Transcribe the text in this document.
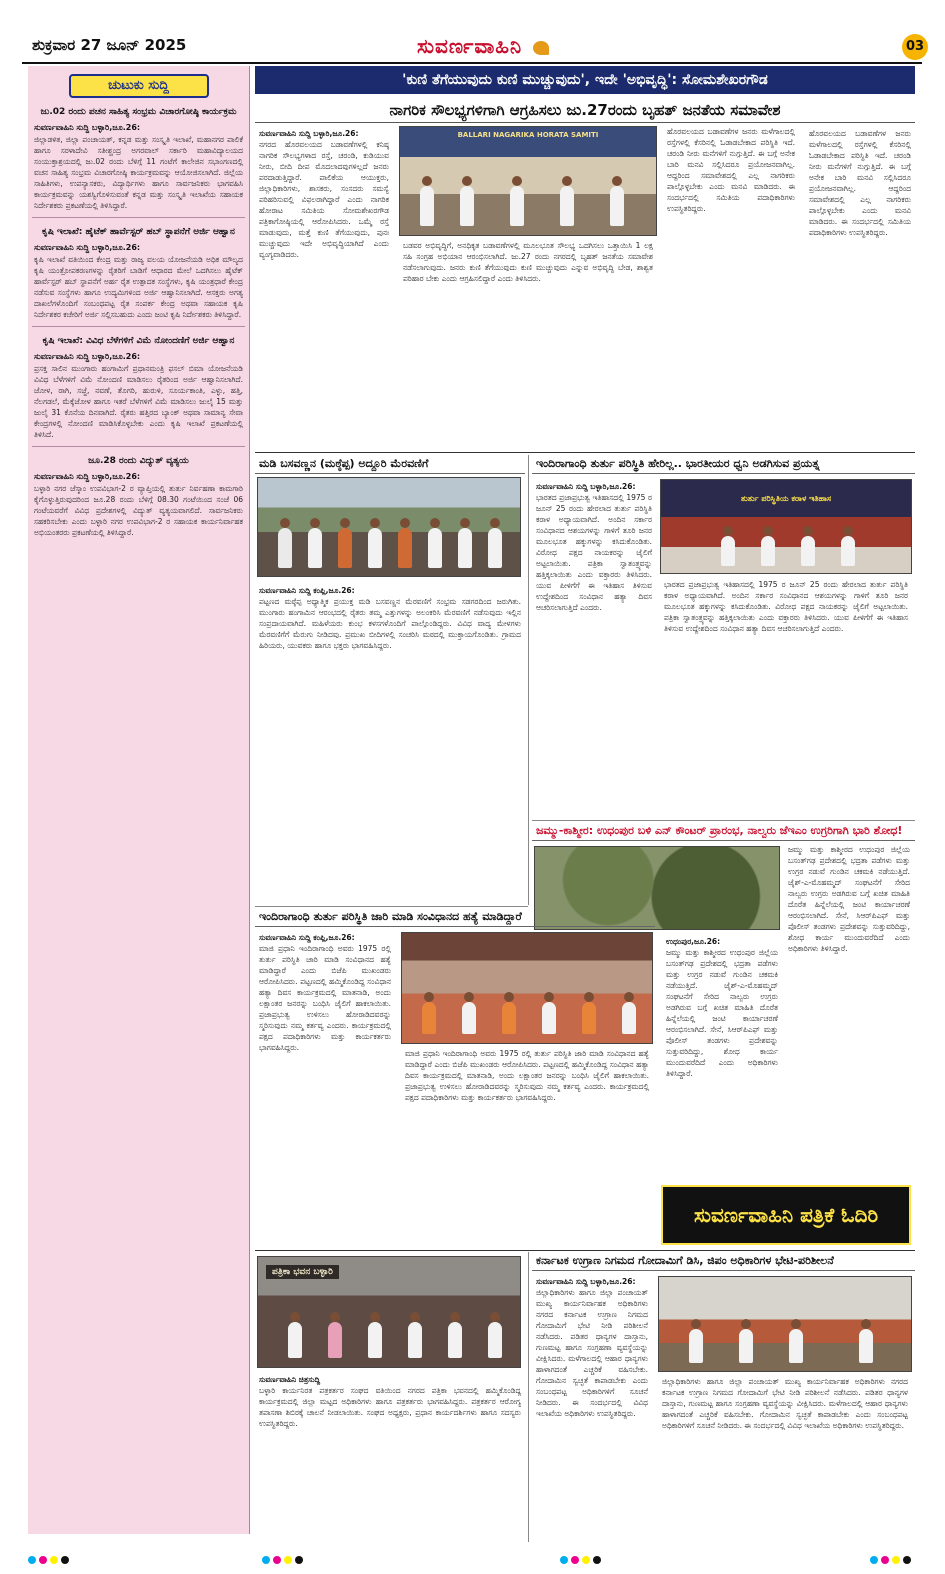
ಶುಕ್ರವಾರ 27 ಜೂನ್ 2025	ಸುವರ್ಣವಾಹಿನಿ	03
ಚುಟುಕು ಸುದ್ದಿ
ಜು.02 ರಂದು ಪಚನ ಸಾಹಿತ್ಯ ಸಂಭ್ರಮ ವಿಚಾರಗೋಷ್ಠಿ ಕಾರ್ಯಕ್ರಮ
ಸುವರ್ಣವಾಹಿನಿ ಸುದ್ದಿ ಬಳ್ಳಾರಿ,ಜೂ.26:
ಜಿಲ್ಲಾಡಳಿತ, ಜಿಲ್ಲಾ ಪಂಚಾಯತ್, ಕನ್ನಡ ಮತ್ತು ಸಂಸ್ಕೃತಿ ಇಲಾಖೆ, ಮಹಾನಗರ ಪಾಲಿಕೆ ಹಾಗೂ ಸರಳಾದೇವಿ ಸತೀಶ್ಚಂದ್ರ ಅಗರವಾಲ್ ಸರ್ಕಾರಿ ಮಹಾವಿದ್ಯಾಲಯದ ಸಂಯುಕ್ತಾಶ್ರಯದಲ್ಲಿ ಜು.02 ರಂದು ಬೆಳಿಗ್ಗೆ 11 ಗಂಟೆಗೆ ಕಾಲೇಜಿನ ಸಭಾಂಗಣದಲ್ಲಿ ವಚನ ಸಾಹಿತ್ಯ ಸಂಭ್ರಮ ವಿಚಾರಗೋಷ್ಠಿ ಕಾರ್ಯಕ್ರಮವನ್ನು ಆಯೋಜಿಸಲಾಗಿದೆ. ಜಿಲ್ಲೆಯ ಸಾಹಿತಿಗಳು, ಉಪನ್ಯಾಸಕರು, ವಿದ್ಯಾರ್ಥಿಗಳು ಹಾಗೂ ಸಾರ್ವಜನಿಕರು ಭಾಗವಹಿಸಿ ಕಾರ್ಯಕ್ರಮವನ್ನು ಯಶಸ್ವಿಗೊಳಿಸುವಂತೆ ಕನ್ನಡ ಮತ್ತು ಸಂಸ್ಕೃತಿ ಇಲಾಖೆಯ ಸಹಾಯಕ ನಿರ್ದೇಶಕರು ಪ್ರಕಟಣೆಯಲ್ಲಿ ತಿಳಿಸಿದ್ದಾರೆ.
ಕೃಷಿ ಇಲಾಖೆ: ಹೈಟೆಕ್ ಹಾರ್ವೆಸ್ಟರ್ ಹಬ್ ಸ್ಥಾಪನೆಗೆ ಅರ್ಜಿ ಆಹ್ವಾನ
ಸುವರ್ಣವಾಹಿನಿ ಸುದ್ದಿ ಬಳ್ಳಾರಿ,ಜೂ.26:
ಕೃಷಿ ಇಲಾಖೆ ವತಿಯಿಂದ ಕೇಂದ್ರ ಮತ್ತು ರಾಜ್ಯ ವಲಯ ಯೋಜನೆಯಡಿ ಅಧಿಕ ಮೌಲ್ಯದ ಕೃಷಿ ಯಂತ್ರೋಪಕರಣಗಳನ್ನು ರೈತರಿಗೆ ಬಾಡಿಗೆ ಆಧಾರದ ಮೇಲೆ ಒದಗಿಸಲು ಹೈಟೆಕ್ ಹಾರ್ವೆಸ್ಟರ್ ಹಬ್ ಸ್ಥಾಪನೆಗೆ ಅರ್ಹ ರೈತ ಉತ್ಪಾದಕ ಸಂಸ್ಥೆಗಳು, ಕೃಷಿ ಯಂತ್ರಧಾರೆ ಕೇಂದ್ರ ನಡೆಸುವ ಸಂಸ್ಥೆಗಳು ಹಾಗೂ ಉದ್ಯಮಿಗಳಿಂದ ಅರ್ಜಿ ಆಹ್ವಾನಿಸಲಾಗಿದೆ. ಆಸಕ್ತರು ಅಗತ್ಯ ದಾಖಲೆಗಳೊಂದಿಗೆ ಸಂಬಂಧಪಟ್ಟ ರೈತ ಸಂಪರ್ಕ ಕೇಂದ್ರ ಅಥವಾ ಸಹಾಯಕ ಕೃಷಿ ನಿರ್ದೇಶಕರ ಕಚೇರಿಗೆ ಅರ್ಜಿ ಸಲ್ಲಿಸಬಹುದು ಎಂದು ಜಂಟಿ ಕೃಷಿ ನಿರ್ದೇಶಕರು ತಿಳಿಸಿದ್ದಾರೆ.
ಕೃಷಿ ಇಲಾಖೆ: ವಿವಿಧ ಬೆಳೆಗಳಿಗೆ ವಿಮೆ ನೋಂದಣಿಗೆ ಅರ್ಜಿ ಆಹ್ವಾನ
ಸುವರ್ಣವಾಹಿನಿ ಸುದ್ದಿ ಬಳ್ಳಾರಿ,ಜೂ.26:
ಪ್ರಸಕ್ತ ಸಾಲಿನ ಮುಂಗಾರು ಹಂಗಾಮಿಗೆ ಪ್ರಧಾನಮಂತ್ರಿ ಫಸಲ್ ಬಿಮಾ ಯೋಜನೆಯಡಿ ವಿವಿಧ ಬೆಳೆಗಳಿಗೆ ವಿಮೆ ನೋಂದಣಿ ಮಾಡಿಸಲು ರೈತರಿಂದ ಅರ್ಜಿ ಆಹ್ವಾನಿಸಲಾಗಿದೆ. ಜೋಳ, ರಾಗಿ, ಸಜ್ಜೆ, ನವಣೆ, ತೊಗರಿ, ಹುರುಳಿ, ಸೂರ್ಯಕಾಂತಿ, ಎಳ್ಳು, ಹತ್ತಿ, ನೆಲಗಡಲೆ, ಮೆಕ್ಕೆಜೋಳ ಹಾಗೂ ಇತರೆ ಬೆಳೆಗಳಿಗೆ ವಿಮೆ ಮಾಡಿಸಲು ಜುಲೈ 15 ಮತ್ತು ಜುಲೈ 31 ಕೊನೆಯ ದಿನವಾಗಿದೆ. ರೈತರು ಹತ್ತಿರದ ಬ್ಯಾಂಕ್ ಅಥವಾ ಸಾಮಾನ್ಯ ಸೇವಾ ಕೇಂದ್ರಗಳಲ್ಲಿ ನೋಂದಣಿ ಮಾಡಿಸಿಕೊಳ್ಳಬೇಕು ಎಂದು ಕೃಷಿ ಇಲಾಖೆ ಪ್ರಕಟಣೆಯಲ್ಲಿ ತಿಳಿಸಿದೆ.
ಜೂ.28 ರಂದು ವಿದ್ಯುತ್ ವ್ಯತ್ಯಯ
ಸುವರ್ಣವಾಹಿನಿ ಸುದ್ದಿ ಬಳ್ಳಾರಿ,ಜೂ.26:
ಬಳ್ಳಾರಿ ನಗರ ಜೆಸ್ಕಾಂ ಉಪವಿಭಾಗ-2 ರ ವ್ಯಾಪ್ತಿಯಲ್ಲಿ ತುರ್ತು ನಿರ್ವಹಣಾ ಕಾಮಗಾರಿ ಕೈಗೊಳ್ಳುತ್ತಿರುವುದರಿಂದ ಜೂ.28 ರಂದು ಬೆಳಿಗ್ಗೆ 08.30 ಗಂಟೆಯಿಂದ ಸಂಜೆ 06 ಗಂಟೆಯವರೆಗೆ ವಿವಿಧ ಪ್ರದೇಶಗಳಲ್ಲಿ ವಿದ್ಯುತ್ ವ್ಯತ್ಯಯವಾಗಲಿದೆ. ಸಾರ್ವಜನಿಕರು ಸಹಕರಿಸಬೇಕು ಎಂದು ಬಳ್ಳಾರಿ ನಗರ ಉಪವಿಭಾಗ-2 ರ ಸಹಾಯಕ ಕಾರ್ಯನಿರ್ವಾಹಕ ಅಭಿಯಂತರರು ಪ್ರಕಟಣೆಯಲ್ಲಿ ತಿಳಿಸಿದ್ದಾರೆ.
'ಕುಣಿ ತೆಗೆಯುವುದು ಕುಣಿ ಮುಚ್ಚುವುದು', ಇದೇ 'ಅಭಿವೃದ್ಧಿ': ಸೋಮಶೇಖರಗೌಡ
ನಾಗರಿಕ ಸೌಲಭ್ಯಗಳಿಗಾಗಿ ಆಗ್ರಹಿಸಲು ಜು.27ರಂದು ಬೃಹತ್ ಜನತೆಯ ಸಮಾವೇಶ
ಸುವರ್ಣವಾಹಿನಿ ಸುದ್ದಿ ಬಳ್ಳಾರಿ,ಜೂ.26:
ನಗರದ ಹೊರವಲಯದ ಬಡಾವಣೆಗಳಲ್ಲಿ ಕನಿಷ್ಠ ನಾಗರಿಕ ಸೌಲಭ್ಯಗಳಾದ ರಸ್ತೆ, ಚರಂಡಿ, ಕುಡಿಯುವ ನೀರು, ಬೀದಿ ದೀಪ ಮೊದಲಾದವುಗಳಿಲ್ಲದೆ ಜನರು ಪರದಾಡುತ್ತಿದ್ದಾರೆ. ಪಾಲಿಕೆಯ ಆಯುಕ್ತರು, ಜಿಲ್ಲಾಧಿಕಾರಿಗಳು, ಶಾಸಕರು, ಸಂಸದರು ಸಮಸ್ಯೆ ಪರಿಹರಿಸುವಲ್ಲಿ ವಿಫಲರಾಗಿದ್ದಾರೆ ಎಂದು ನಾಗರಿಕ ಹೋರಾಟ ಸಮಿತಿಯ ಸೋಮಶೇಖರಗೌಡ ಪತ್ರಿಕಾಗೋಷ್ಠಿಯಲ್ಲಿ ಆರೋಪಿಸಿದರು. ಒಮ್ಮೆ ರಸ್ತೆ ಮಾಡುವುದು, ಮತ್ತೆ ಕುಣಿ ತೆಗೆಯುವುದು, ಪುನಃ ಮುಚ್ಚುವುದು ಇದೇ ಅಭಿವೃದ್ಧಿಯಾಗಿದೆ ಎಂದು ವ್ಯಂಗ್ಯವಾಡಿದರು.
BALLARI NAGARIKA HORATA SAMITI
ಬಡವರ ಅಭಿವೃದ್ಧಿಗೆ, ಅನಧಿಕೃತ ಬಡಾವಣೆಗಳಲ್ಲಿ ಮೂಲಭೂತ ಸೌಲಭ್ಯ ಒದಗಿಸಲು ಒತ್ತಾಯಿಸಿ 1 ಲಕ್ಷ ಸಹಿ ಸಂಗ್ರಹ ಅಭಿಯಾನ ಆರಂಭಿಸಲಾಗಿದೆ. ಜು.27 ರಂದು ನಗರದಲ್ಲಿ ಬೃಹತ್ ಜನತೆಯ ಸಮಾವೇಶ ನಡೆಸಲಾಗುವುದು. ಜನರು ಕುಣಿ ತೆಗೆಯುವುದು ಕುಣಿ ಮುಚ್ಚುವುದು ಎನ್ನುವ ಅಭಿವೃದ್ಧಿ ಬೇಡ, ಶಾಶ್ವತ ಪರಿಹಾರ ಬೇಕು ಎಂದು ಆಗ್ರಹಿಸಲಿದ್ದಾರೆ ಎಂದು ತಿಳಿಸಿದರು.
ಹೊರವಲಯದ ಬಡಾವಣೆಗಳ ಜನರು ಮಳೆಗಾಲದಲ್ಲಿ ರಸ್ತೆಗಳಲ್ಲಿ ಕೆಸರಿನಲ್ಲಿ ಓಡಾಡಬೇಕಾದ ಪರಿಸ್ಥಿತಿ ಇದೆ. ಚರಂಡಿ ನೀರು ಮನೆಗಳಿಗೆ ನುಗ್ಗುತ್ತಿದೆ. ಈ ಬಗ್ಗೆ ಅನೇಕ ಬಾರಿ ಮನವಿ ಸಲ್ಲಿಸಿದರೂ ಪ್ರಯೋಜನವಾಗಿಲ್ಲ. ಆದ್ದರಿಂದ ಸಮಾವೇಶದಲ್ಲಿ ಎಲ್ಲ ನಾಗರಿಕರು ಪಾಲ್ಗೊಳ್ಳಬೇಕು ಎಂದು ಮನವಿ ಮಾಡಿದರು. ಈ ಸಂದರ್ಭದಲ್ಲಿ ಸಮಿತಿಯ ಪದಾಧಿಕಾರಿಗಳು ಉಪಸ್ಥಿತರಿದ್ದರು.
ಹೊರವಲಯದ ಬಡಾವಣೆಗಳ ಜನರು ಮಳೆಗಾಲದಲ್ಲಿ ರಸ್ತೆಗಳಲ್ಲಿ ಕೆಸರಿನಲ್ಲಿ ಓಡಾಡಬೇಕಾದ ಪರಿಸ್ಥಿತಿ ಇದೆ. ಚರಂಡಿ ನೀರು ಮನೆಗಳಿಗೆ ನುಗ್ಗುತ್ತಿದೆ. ಈ ಬಗ್ಗೆ ಅನೇಕ ಬಾರಿ ಮನವಿ ಸಲ್ಲಿಸಿದರೂ ಪ್ರಯೋಜನವಾಗಿಲ್ಲ. ಆದ್ದರಿಂದ ಸಮಾವೇಶದಲ್ಲಿ ಎಲ್ಲ ನಾಗರಿಕರು ಪಾಲ್ಗೊಳ್ಳಬೇಕು ಎಂದು ಮನವಿ ಮಾಡಿದರು. ಈ ಸಂದರ್ಭದಲ್ಲಿ ಸಮಿತಿಯ ಪದಾಧಿಕಾರಿಗಳು ಉಪಸ್ಥಿತರಿದ್ದರು.
ಮಡಿ ಬಸವಣ್ಣನ (ಮಠ್ಠೆಪ್ಪ) ಅದ್ದೂರಿ ಮೆರವಣಿಗೆ
ಸುವರ್ಣವಾಹಿನಿ ಸುದ್ದಿ ಕಂಪ್ಲಿ,ಜೂ.26:
ಪಟ್ಟಣದ ಮಠ್ಠೆಪ್ಪ ಅಧ್ಯಾತ್ಮಿಕ ಪ್ರಯುಕ್ತ ಮಡಿ ಬಸವಣ್ಣನ ಮೆರವಣಿಗೆ ಸಂಭ್ರಮ ಸಡಗರದಿಂದ ಜರುಗಿತು. ಮುಂಗಾರು ಹಂಗಾಮಿನ ಆರಂಭದಲ್ಲಿ ರೈತರು ತಮ್ಮ ಎತ್ತುಗಳನ್ನು ಅಲಂಕರಿಸಿ ಮೆರವಣಿಗೆ ನಡೆಸುವುದು ಇಲ್ಲಿನ ಸಂಪ್ರದಾಯವಾಗಿದೆ. ಮಹಿಳೆಯರು ಕುಂಭ ಕಳಸಗಳೊಂದಿಗೆ ಪಾಲ್ಗೊಂಡಿದ್ದರು. ವಿವಿಧ ವಾದ್ಯ ಮೇಳಗಳು ಮೆರವಣಿಗೆಗೆ ಮೆರುಗು ನೀಡಿದವು. ಪ್ರಮುಖ ಬೀದಿಗಳಲ್ಲಿ ಸಂಚರಿಸಿ ಮಠದಲ್ಲಿ ಮುಕ್ತಾಯಗೊಂಡಿತು. ಗ್ರಾಮದ ಹಿರಿಯರು, ಯುವಕರು ಹಾಗೂ ಭಕ್ತರು ಭಾಗವಹಿಸಿದ್ದರು.
ಇಂದಿರಾಗಾಂಧಿ ತುರ್ತು ಪರಿಸ್ಥಿತಿ ಹೇರಿಲ್ಲ.. ಭಾರತೀಯರ ಧ್ವನಿ ಅಡಗಿಸುವ ಪ್ರಯತ್ನ
ತುರ್ತು ಪರಿಸ್ಥಿತಿಯ ಕರಾಳ ಇತಿಹಾಸ
ಸುವರ್ಣವಾಹಿನಿ ಸುದ್ದಿ ಬಳ್ಳಾರಿ,ಜೂ.26:
ಭಾರತದ ಪ್ರಜಾಪ್ರಭುತ್ವ ಇತಿಹಾಸದಲ್ಲಿ 1975 ರ ಜೂನ್ 25 ರಂದು ಹೇರಲಾದ ತುರ್ತು ಪರಿಸ್ಥಿತಿ ಕರಾಳ ಅಧ್ಯಾಯವಾಗಿದೆ. ಅಂದಿನ ಸರ್ಕಾರ ಸಂವಿಧಾನದ ಆಶಯಗಳನ್ನು ಗಾಳಿಗೆ ತೂರಿ ಜನರ ಮೂಲಭೂತ ಹಕ್ಕುಗಳನ್ನು ಕಸಿದುಕೊಂಡಿತು. ವಿರೋಧ ಪಕ್ಷದ ನಾಯಕರನ್ನು ಜೈಲಿಗೆ ಅಟ್ಟಲಾಯಿತು. ಪತ್ರಿಕಾ ಸ್ವಾತಂತ್ರ್ಯವನ್ನು ಹತ್ತಿಕ್ಕಲಾಯಿತು ಎಂದು ವಕ್ತಾರರು ತಿಳಿಸಿದರು. ಯುವ ಪೀಳಿಗೆಗೆ ಈ ಇತಿಹಾಸ ತಿಳಿಸುವ ಉದ್ದೇಶದಿಂದ ಸಂವಿಧಾನ ಹತ್ಯಾ ದಿವಸ ಆಚರಿಸಲಾಗುತ್ತಿದೆ ಎಂದರು.
ಭಾರತದ ಪ್ರಜಾಪ್ರಭುತ್ವ ಇತಿಹಾಸದಲ್ಲಿ 1975 ರ ಜೂನ್ 25 ರಂದು ಹೇರಲಾದ ತುರ್ತು ಪರಿಸ್ಥಿತಿ ಕರಾಳ ಅಧ್ಯಾಯವಾಗಿದೆ. ಅಂದಿನ ಸರ್ಕಾರ ಸಂವಿಧಾನದ ಆಶಯಗಳನ್ನು ಗಾಳಿಗೆ ತೂರಿ ಜನರ ಮೂಲಭೂತ ಹಕ್ಕುಗಳನ್ನು ಕಸಿದುಕೊಂಡಿತು. ವಿರೋಧ ಪಕ್ಷದ ನಾಯಕರನ್ನು ಜೈಲಿಗೆ ಅಟ್ಟಲಾಯಿತು. ಪತ್ರಿಕಾ ಸ್ವಾತಂತ್ರ್ಯವನ್ನು ಹತ್ತಿಕ್ಕಲಾಯಿತು ಎಂದು ವಕ್ತಾರರು ತಿಳಿಸಿದರು. ಯುವ ಪೀಳಿಗೆಗೆ ಈ ಇತಿಹಾಸ ತಿಳಿಸುವ ಉದ್ದೇಶದಿಂದ ಸಂವಿಧಾನ ಹತ್ಯಾ ದಿವಸ ಆಚರಿಸಲಾಗುತ್ತಿದೆ ಎಂದರು.
ಜಮ್ಮು-ಕಾಶ್ಮೀರ: ಉಧಂಪುರ ಬಳಿ ಎನ್ ಕೌಂಟರ್ ಪ್ರಾರಂಭ, ನಾಲ್ವರು ಜೆಇಎಂ ಉಗ್ರರಿಗಾಗಿ ಭಾರಿ ಶೋಧ!
ಜಮ್ಮು ಮತ್ತು ಕಾಶ್ಮೀರದ ಉಧಂಪುರ ಜಿಲ್ಲೆಯ ಬಸಂತ್‌ಗಢ ಪ್ರದೇಶದಲ್ಲಿ ಭದ್ರತಾ ಪಡೆಗಳು ಮತ್ತು ಉಗ್ರರ ನಡುವೆ ಗುಂಡಿನ ಚಕಮಕಿ ನಡೆಯುತ್ತಿದೆ. ಜೈಶ್-ಎ-ಮೊಹಮ್ಮದ್ ಸಂಘಟನೆಗೆ ಸೇರಿದ ನಾಲ್ವರು ಉಗ್ರರು ಅಡಗಿರುವ ಬಗ್ಗೆ ಖಚಿತ ಮಾಹಿತಿ ದೊರೆತ ಹಿನ್ನೆಲೆಯಲ್ಲಿ ಜಂಟಿ ಕಾರ್ಯಾಚರಣೆ ಆರಂಭಿಸಲಾಗಿದೆ. ಸೇನೆ, ಸಿಆರ್‌ಪಿಎಫ್ ಮತ್ತು ಪೊಲೀಸ್ ತಂಡಗಳು ಪ್ರದೇಶವನ್ನು ಸುತ್ತುವರಿದಿದ್ದು, ಶೋಧ ಕಾರ್ಯ ಮುಂದುವರೆದಿದೆ ಎಂದು ಅಧಿಕಾರಿಗಳು ತಿಳಿಸಿದ್ದಾರೆ.
ಉಧಂಪುರ,ಜೂ.26:
ಜಮ್ಮು ಮತ್ತು ಕಾಶ್ಮೀರದ ಉಧಂಪುರ ಜಿಲ್ಲೆಯ ಬಸಂತ್‌ಗಢ ಪ್ರದೇಶದಲ್ಲಿ ಭದ್ರತಾ ಪಡೆಗಳು ಮತ್ತು ಉಗ್ರರ ನಡುವೆ ಗುಂಡಿನ ಚಕಮಕಿ ನಡೆಯುತ್ತಿದೆ. ಜೈಶ್-ಎ-ಮೊಹಮ್ಮದ್ ಸಂಘಟನೆಗೆ ಸೇರಿದ ನಾಲ್ವರು ಉಗ್ರರು ಅಡಗಿರುವ ಬಗ್ಗೆ ಖಚಿತ ಮಾಹಿತಿ ದೊರೆತ ಹಿನ್ನೆಲೆಯಲ್ಲಿ ಜಂಟಿ ಕಾರ್ಯಾಚರಣೆ ಆರಂಭಿಸಲಾಗಿದೆ. ಸೇನೆ, ಸಿಆರ್‌ಪಿಎಫ್ ಮತ್ತು ಪೊಲೀಸ್ ತಂಡಗಳು ಪ್ರದೇಶವನ್ನು ಸುತ್ತುವರಿದಿದ್ದು, ಶೋಧ ಕಾರ್ಯ ಮುಂದುವರೆದಿದೆ ಎಂದು ಅಧಿಕಾರಿಗಳು ತಿಳಿಸಿದ್ದಾರೆ.
ಇಂದಿರಾಗಾಂಧಿ ತುರ್ತು ಪರಿಸ್ಥಿತಿ ಜಾರಿ ಮಾಡಿ ಸಂವಿಧಾನದ ಹತ್ಯೆ ಮಾಡಿದ್ದಾರೆ
ಸುವರ್ಣವಾಹಿನಿ ಸುದ್ದಿ ಕಂಪ್ಲಿ,ಜೂ.26:
ಮಾಜಿ ಪ್ರಧಾನಿ ಇಂದಿರಾಗಾಂಧಿ ಅವರು 1975 ರಲ್ಲಿ ತುರ್ತು ಪರಿಸ್ಥಿತಿ ಜಾರಿ ಮಾಡಿ ಸಂವಿಧಾನದ ಹತ್ಯೆ ಮಾಡಿದ್ದಾರೆ ಎಂದು ಬಿಜೆಪಿ ಮುಖಂಡರು ಆರೋಪಿಸಿದರು. ಪಟ್ಟಣದಲ್ಲಿ ಹಮ್ಮಿಕೊಂಡಿದ್ದ ಸಂವಿಧಾನ ಹತ್ಯಾ ದಿವಸ ಕಾರ್ಯಕ್ರಮದಲ್ಲಿ ಮಾತನಾಡಿ, ಅಂದು ಲಕ್ಷಾಂತರ ಜನರನ್ನು ಬಂಧಿಸಿ ಜೈಲಿಗೆ ಹಾಕಲಾಯಿತು. ಪ್ರಜಾಪ್ರಭುತ್ವ ಉಳಿಸಲು ಹೋರಾಡಿದವರನ್ನು ಸ್ಮರಿಸುವುದು ನಮ್ಮ ಕರ್ತವ್ಯ ಎಂದರು. ಕಾರ್ಯಕ್ರಮದಲ್ಲಿ ಪಕ್ಷದ ಪದಾಧಿಕಾರಿಗಳು ಮತ್ತು ಕಾರ್ಯಕರ್ತರು ಭಾಗವಹಿಸಿದ್ದರು.
ಮಾಜಿ ಪ್ರಧಾನಿ ಇಂದಿರಾಗಾಂಧಿ ಅವರು 1975 ರಲ್ಲಿ ತುರ್ತು ಪರಿಸ್ಥಿತಿ ಜಾರಿ ಮಾಡಿ ಸಂವಿಧಾನದ ಹತ್ಯೆ ಮಾಡಿದ್ದಾರೆ ಎಂದು ಬಿಜೆಪಿ ಮುಖಂಡರು ಆರೋಪಿಸಿದರು. ಪಟ್ಟಣದಲ್ಲಿ ಹಮ್ಮಿಕೊಂಡಿದ್ದ ಸಂವಿಧಾನ ಹತ್ಯಾ ದಿವಸ ಕಾರ್ಯಕ್ರಮದಲ್ಲಿ ಮಾತನಾಡಿ, ಅಂದು ಲಕ್ಷಾಂತರ ಜನರನ್ನು ಬಂಧಿಸಿ ಜೈಲಿಗೆ ಹಾಕಲಾಯಿತು. ಪ್ರಜಾಪ್ರಭುತ್ವ ಉಳಿಸಲು ಹೋರಾಡಿದವರನ್ನು ಸ್ಮರಿಸುವುದು ನಮ್ಮ ಕರ್ತವ್ಯ ಎಂದರು. ಕಾರ್ಯಕ್ರಮದಲ್ಲಿ ಪಕ್ಷದ ಪದಾಧಿಕಾರಿಗಳು ಮತ್ತು ಕಾರ್ಯಕರ್ತರು ಭಾಗವಹಿಸಿದ್ದರು.
ಸುವರ್ಣವಾಹಿನಿ ಪತ್ರಿಕೆ ಓದಿರಿ
ಪತ್ರಿಕಾ ಭವನ ಬಳ್ಳಾರಿ
ಸುವರ್ಣವಾಹಿನಿ ಚಿತ್ರಸುದ್ದಿ
ಬಳ್ಳಾರಿ ಕಾರ್ಯನಿರತ ಪತ್ರಕರ್ತರ ಸಂಘದ ವತಿಯಿಂದ ನಗರದ ಪತ್ರಿಕಾ ಭವನದಲ್ಲಿ ಹಮ್ಮಿಕೊಂಡಿದ್ದ ಕಾರ್ಯಕ್ರಮದಲ್ಲಿ ಜಿಲ್ಲಾ ಮಟ್ಟದ ಅಧಿಕಾರಿಗಳು ಹಾಗೂ ಪತ್ರಕರ್ತರು ಭಾಗವಹಿಸಿದ್ದರು. ಪತ್ರಕರ್ತರ ಆರೋಗ್ಯ ತಪಾಸಣಾ ಶಿಬಿರಕ್ಕೆ ಚಾಲನೆ ನೀಡಲಾಯಿತು. ಸಂಘದ ಅಧ್ಯಕ್ಷರು, ಪ್ರಧಾನ ಕಾರ್ಯದರ್ಶಿಗಳು ಹಾಗೂ ಸದಸ್ಯರು ಉಪಸ್ಥಿತರಿದ್ದರು.
ಕರ್ನಾಟಕ ಉಗ್ರಾಣ ನಿಗಮದ ಗೋದಾಮಿಗೆ ಡಿಸಿ, ಜಿಪಂ ಅಧಿಕಾರಿಗಳ ಭೇಟಿ-ಪರಿಶೀಲನೆ
ಸುವರ್ಣವಾಹಿನಿ ಸುದ್ದಿ ಬಳ್ಳಾರಿ,ಜೂ.26:
ಜಿಲ್ಲಾಧಿಕಾರಿಗಳು ಹಾಗೂ ಜಿಲ್ಲಾ ಪಂಚಾಯತ್ ಮುಖ್ಯ ಕಾರ್ಯನಿರ್ವಾಹಕ ಅಧಿಕಾರಿಗಳು ನಗರದ ಕರ್ನಾಟಕ ಉಗ್ರಾಣ ನಿಗಮದ ಗೋದಾಮಿಗೆ ಭೇಟಿ ನೀಡಿ ಪರಿಶೀಲನೆ ನಡೆಸಿದರು. ಪಡಿತರ ಧಾನ್ಯಗಳ ದಾಸ್ತಾನು, ಗುಣಮಟ್ಟ ಹಾಗೂ ಸಂಗ್ರಹಣಾ ವ್ಯವಸ್ಥೆಯನ್ನು ವೀಕ್ಷಿಸಿದರು. ಮಳೆಗಾಲದಲ್ಲಿ ಆಹಾರ ಧಾನ್ಯಗಳು ಹಾಳಾಗದಂತೆ ಎಚ್ಚರಿಕೆ ವಹಿಸಬೇಕು. ಗೋದಾಮಿನ ಸ್ವಚ್ಛತೆ ಕಾಪಾಡಬೇಕು ಎಂದು ಸಂಬಂಧಪಟ್ಟ ಅಧಿಕಾರಿಗಳಿಗೆ ಸೂಚನೆ ನೀಡಿದರು. ಈ ಸಂದರ್ಭದಲ್ಲಿ ವಿವಿಧ ಇಲಾಖೆಯ ಅಧಿಕಾರಿಗಳು ಉಪಸ್ಥಿತರಿದ್ದರು.
ಜಿಲ್ಲಾಧಿಕಾರಿಗಳು ಹಾಗೂ ಜಿಲ್ಲಾ ಪಂಚಾಯತ್ ಮುಖ್ಯ ಕಾರ್ಯನಿರ್ವಾಹಕ ಅಧಿಕಾರಿಗಳು ನಗರದ ಕರ್ನಾಟಕ ಉಗ್ರಾಣ ನಿಗಮದ ಗೋದಾಮಿಗೆ ಭೇಟಿ ನೀಡಿ ಪರಿಶೀಲನೆ ನಡೆಸಿದರು. ಪಡಿತರ ಧಾನ್ಯಗಳ ದಾಸ್ತಾನು, ಗುಣಮಟ್ಟ ಹಾಗೂ ಸಂಗ್ರಹಣಾ ವ್ಯವಸ್ಥೆಯನ್ನು ವೀಕ್ಷಿಸಿದರು. ಮಳೆಗಾಲದಲ್ಲಿ ಆಹಾರ ಧಾನ್ಯಗಳು ಹಾಳಾಗದಂತೆ ಎಚ್ಚರಿಕೆ ವಹಿಸಬೇಕು. ಗೋದಾಮಿನ ಸ್ವಚ್ಛತೆ ಕಾಪಾಡಬೇಕು ಎಂದು ಸಂಬಂಧಪಟ್ಟ ಅಧಿಕಾರಿಗಳಿಗೆ ಸೂಚನೆ ನೀಡಿದರು. ಈ ಸಂದರ್ಭದಲ್ಲಿ ವಿವಿಧ ಇಲಾಖೆಯ ಅಧಿಕಾರಿಗಳು ಉಪಸ್ಥಿತರಿದ್ದರು.
